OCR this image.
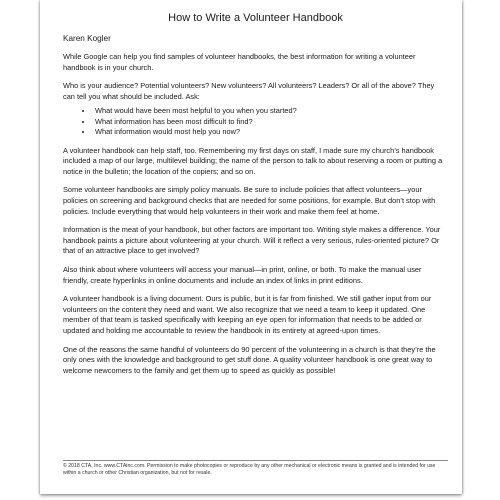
How to Write a Volunteer Handbook
Karen Kogler

While Google can help you find samples of volunteer handbooks, the best information for writing a volunteer handbook is in your church.

Who is your audience? Potential volunteers? New volunteers? All volunteers? Leaders? Or all of the above? They can tell you what should be included. Ask:

• What would have been most helpful to you when you started?
• What information has been most difficult to find?
• What information would most help you now?

A volunteer handbook can help staff, too. Remembering my first days on staff, I made sure my church’s handbook included a map of our large, multilevel building; the name of the person to talk to about reserving a room or putting a notice in the bulletin; the location of the copiers; and so on.

Some volunteer handbooks are simply policy manuals. Be sure to include policies that affect volunteers—your policies on screening and background checks that are needed for some positions, for example. But don’t stop with policies. Include everything that would help volunteers in their work and make them feel at home.

Information is the meat of your handbook, but other factors are important too. Writing style makes a difference. Your handbook paints a picture about volunteering at your church. Will it reflect a very serious, rules-oriented picture? Or that of an attractive place to get involved?

Also think about where volunteers will access your manual—in print, online, or both. To make the manual user friendly, create hyperlinks in online documents and include an index of links in print editions.

A volunteer handbook is a living document. Ours is public, but it is far from finished. We still gather input from our volunteers on the content they need and want. We also recognize that we need a team to keep it updated. One member of that team is tasked specifically with keeping an eye open for information that needs to be added or updated and holding me accountable to review the handbook in its entirety at agreed-upon times.

One of the reasons the same handful of volunteers do 90 percent of the volunteering in a church is that they’re the only ones with the knowledge and background to get stuff done. A quality volunteer handbook is one great way to welcome newcomers to the family and get them up to speed as quickly as possible!

© 2018 CTA, Inc. www.CTAinc.com. Permission to make photocopies or reproduce by any other mechanical or electronic means is granted and is intended for use within a church or other Christian organization, but not for resale.
